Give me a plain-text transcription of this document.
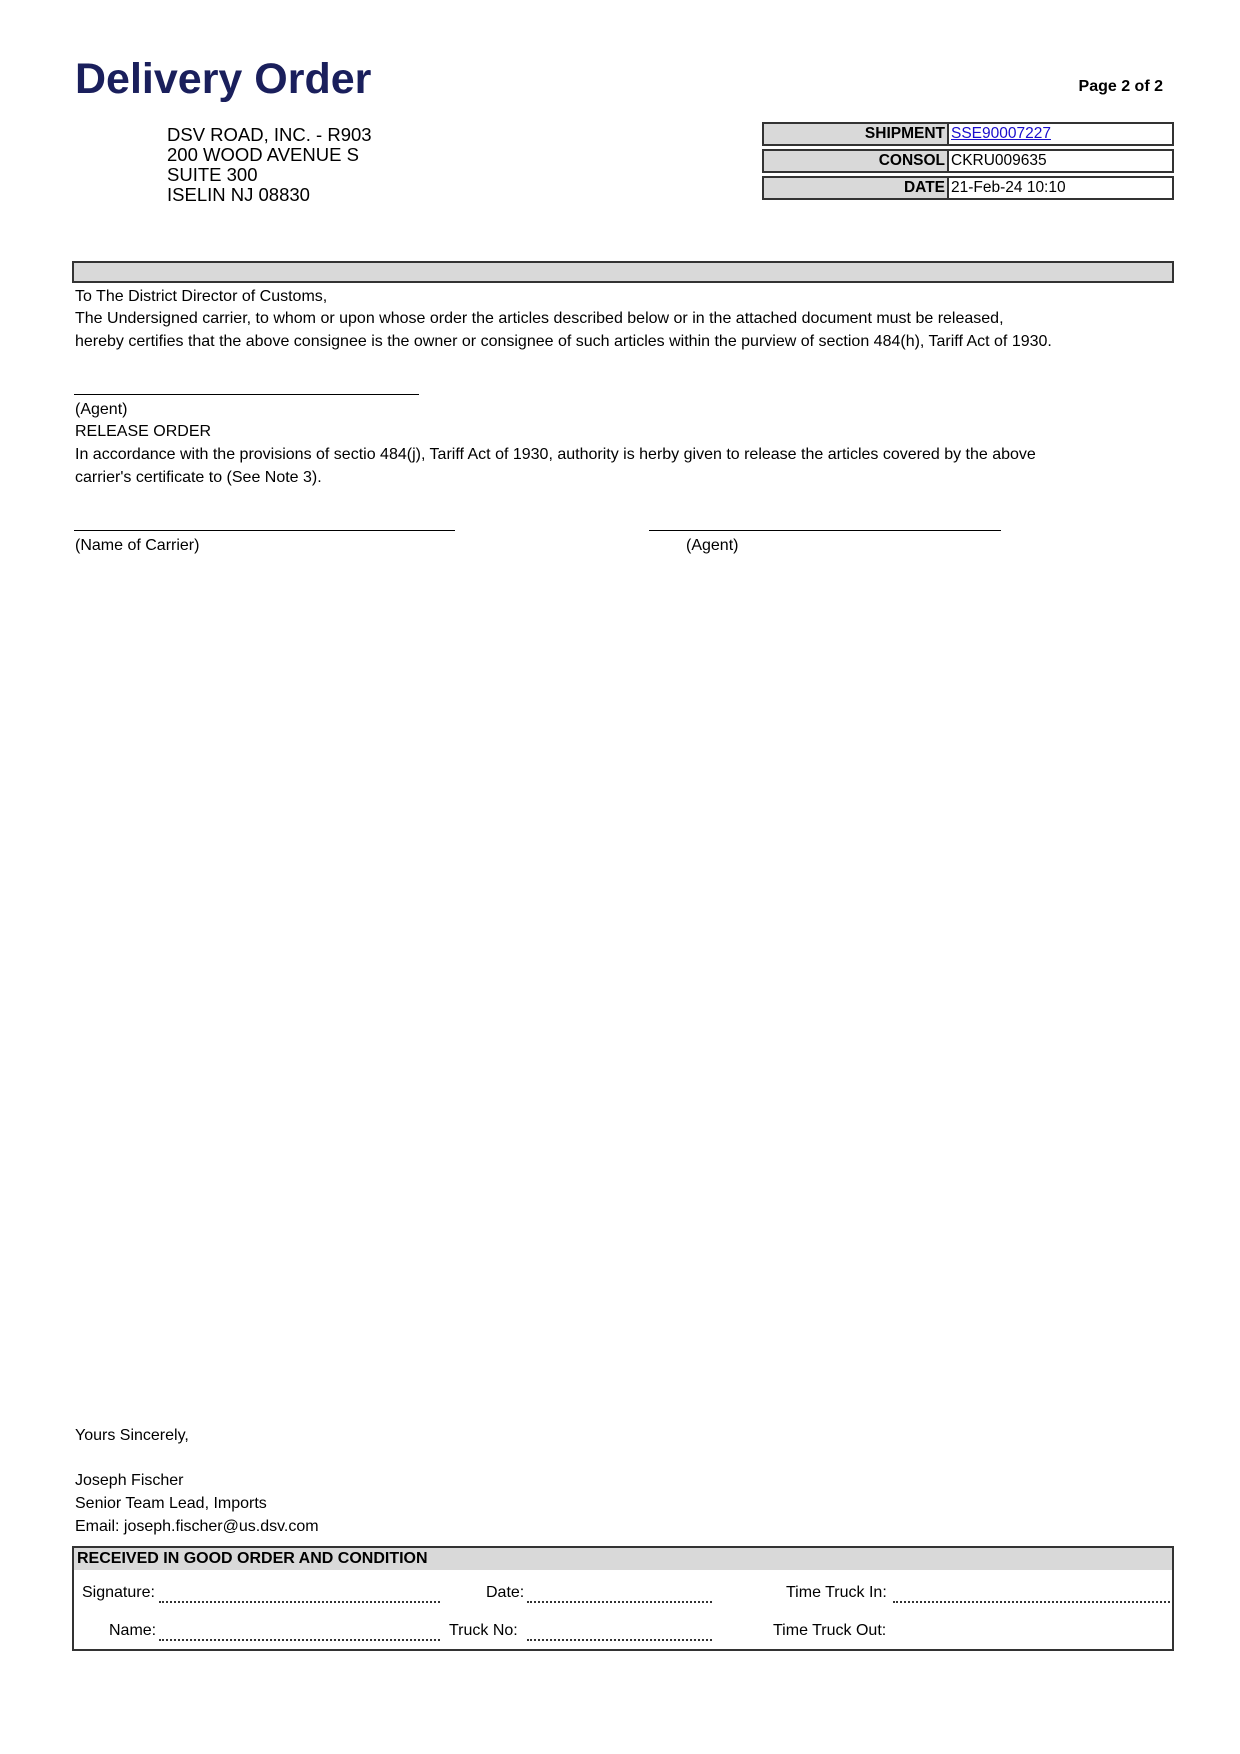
Delivery Order	Page 2 of 2
DSV ROAD, INC. - R903
200 WOOD AVENUE S
SUITE 300
ISELIN NJ 08830
SHIPMENT SSE90007227
CONSOL CKRU009635
DATE 21-Feb-24 10:10
To The District Director of Customs,
The Undersigned carrier, to whom or upon whose order the articles described below or in the attached document must be released,
hereby certifies that the above consignee is the owner or consignee of such articles within the purview of section 484(h), Tariff Act of 1930.
(Agent)
RELEASE ORDER
In accordance with the provisions of sectio 484(j), Tariff Act of 1930, authority is herby given to release the articles covered by the above
carrier's certificate to (See Note 3).
(Name of Carrier)	(Agent)
Yours Sincerely,
Joseph Fischer
Senior Team Lead, Imports
Email: joseph.fischer@us.dsv.com
RECEIVED IN GOOD ORDER AND CONDITION
Signature:	Date:	Time Truck In:
Name:	Truck No:	Time Truck Out:
